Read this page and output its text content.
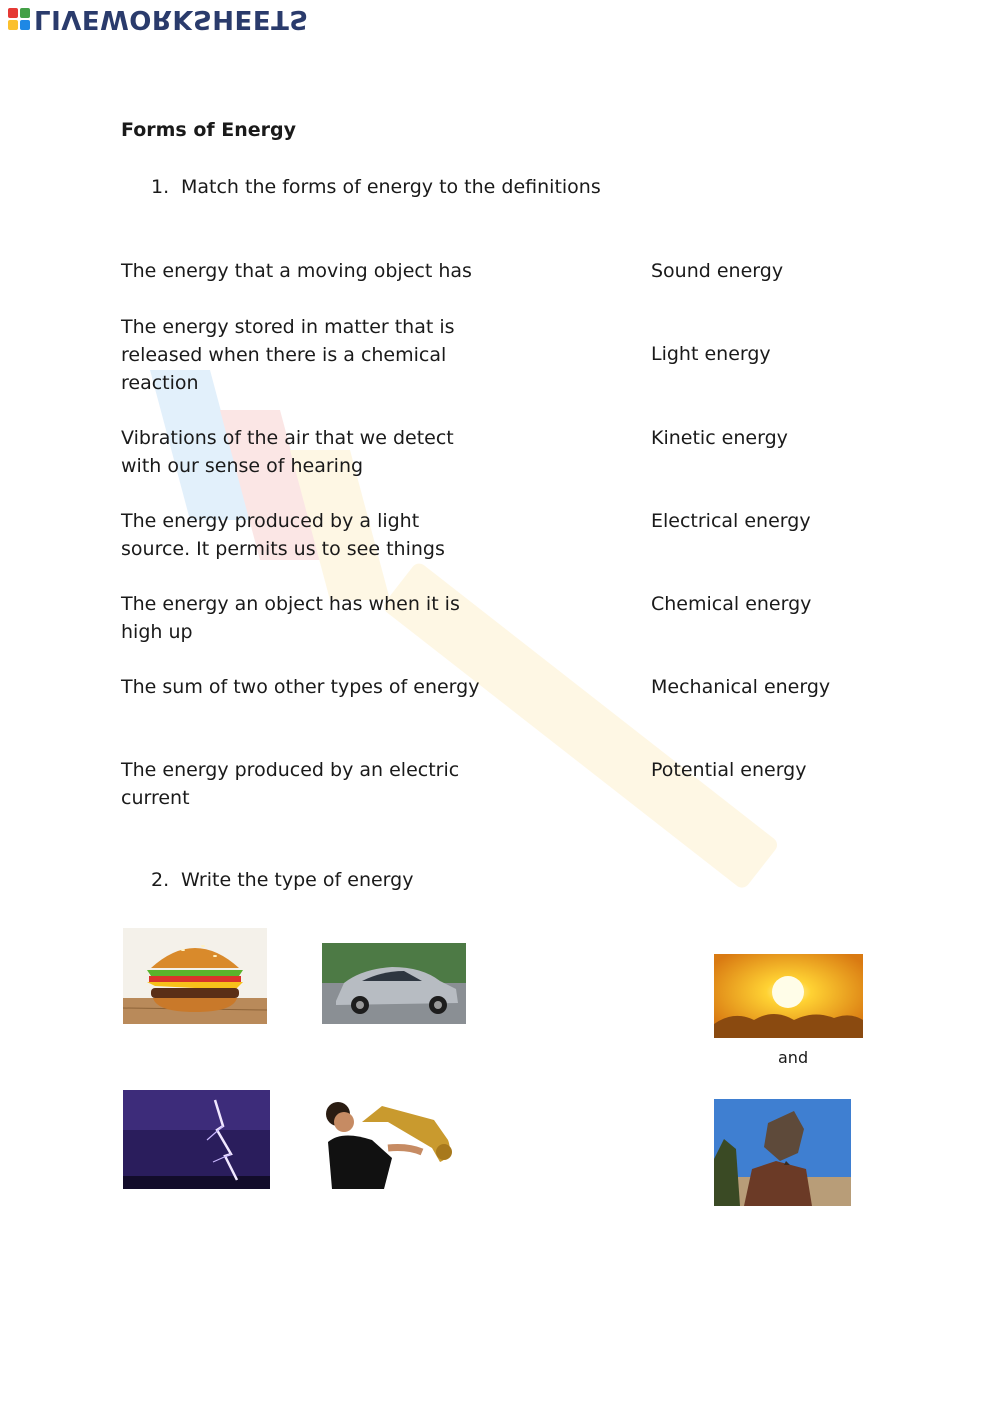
LIVEWORKSHEETS
Forms of Energy
1. Match the forms of energy to the definitions
The energy that a moving object has
The energy stored in matter that is released when there is a chemical reaction
Vibrations of the air that we detect with our sense of hearing
The energy produced by a light source. It permits us to see things
The energy an object has when it is high up
The sum of two other types of energy
The energy produced by an electric current
Sound energy
Light energy
Kinetic energy
Electrical energy
Chemical energy
Mechanical energy
Potential energy
2. Write the type of energy
and
